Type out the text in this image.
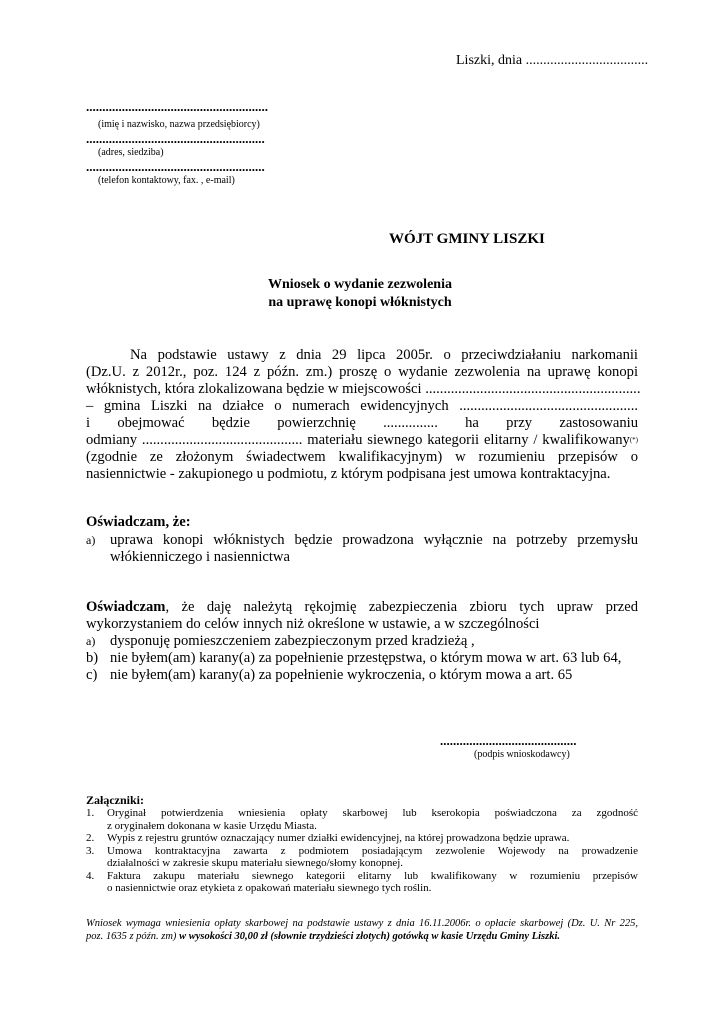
Liszki, dnia ...................................
........................................................
(imię i nazwisko, nazwa przedsiębiorcy)
.......................................................
(adres, siedziba)
.......................................................
(telefon kontaktowy, fax. , e-mail)
WÓJT GMINY LISZKI
Wniosek o wydanie zezwolenia
na uprawę konopi włóknistych
Na podstawie ustawy z dnia 29 lipca 2005r. o przeciwdziałaniu narkomanii
(Dz.U. z 2012r., poz. 124 z późn. zm.) proszę o wydanie zezwolenia na uprawę konopi
włóknistych, która zlokalizowana będzie w miejscowości ...........................................................
– gmina Liszki na działce o numerach ewidencyjnych .................................................
i obejmować będzie powierzchnię ............... ha przy zastosowaniu
odmiany ............................................ materiału siewnego kategorii elitarny / kwalifikowany (*)
(zgodnie ze złożonym świadectwem kwalifikacyjnym) w rozumieniu przepisów o
nasiennictwie - zakupionego u podmiotu, z którym podpisana jest umowa kontraktacyjna.
Oświadczam, że:
a) uprawa konopi włóknistych będzie prowadzona wyłącznie na potrzeby przemysłu
włókienniczego i nasiennictwa
Oświadczam, że daję należytą rękojmię zabezpieczenia zbioru tych upraw przed
wykorzystaniem do celów innych niż określone w ustawie, a w szczególności
a) dysponuję pomieszczeniem zabezpieczonym przed kradzieżą ,
b) nie byłem(am) karany(a) za popełnienie przestępstwa, o którym mowa w art. 63 lub 64,
c) nie byłem(am) karany(a) za popełnienie wykroczenia, o którym mowa a art. 65
..........................................
(podpis wnioskodawcy)
Załączniki:
1. Oryginał potwierdzenia wniesienia opłaty skarbowej lub kserokopia poświadczona za zgodność
z oryginałem dokonana w kasie Urzędu Miasta.
2. Wypis z rejestru gruntów oznaczający numer działki ewidencyjnej, na której prowadzona będzie uprawa.
3. Umowa kontraktacyjna zawarta z podmiotem posiadającym zezwolenie Wojewody na prowadzenie
działalności w zakresie skupu materiału siewnego/słomy konopnej.
4. Faktura zakupu materiału siewnego kategorii elitarny lub kwalifikowany w rozumieniu przepisów
o nasiennictwie oraz etykieta z opakowań materiału siewnego tych roślin.
Wniosek wymaga wniesienia opłaty skarbowej na podstawie ustawy z dnia 16.11.2006r. o opłacie skarbowej (Dz. U. Nr 225,
poz. 1635 z późn. zm) w wysokości 30,00 zł (słownie trzydzieści złotych) gotówką w kasie Urzędu Gminy Liszki.
